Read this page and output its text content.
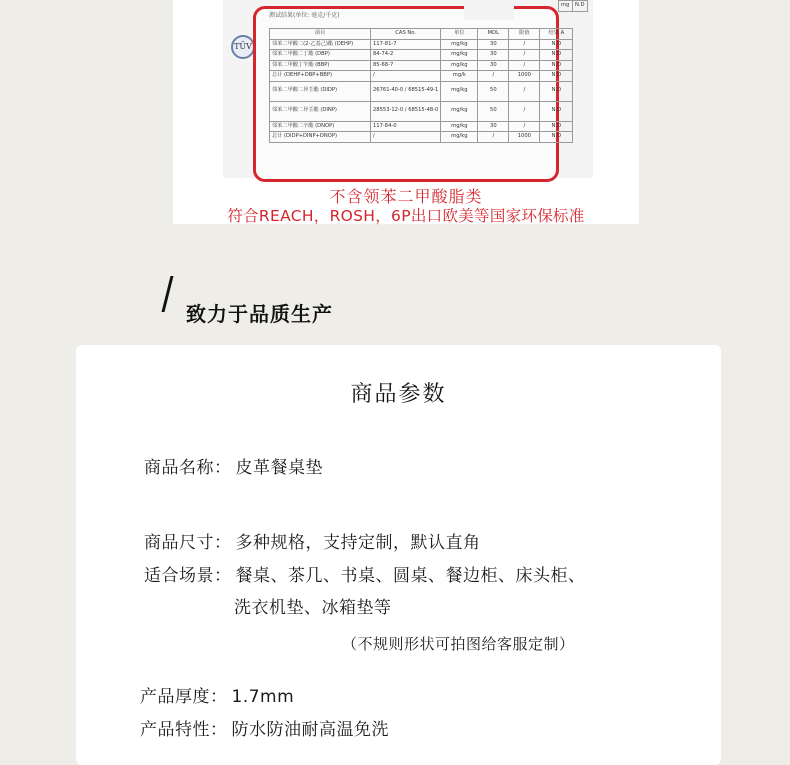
mg	N.D
TÜV
测试结果(单位: 毫克/千克)
项目	CAS No.	单位	MDL	限值	结果 A
邻苯二甲酸二(2-乙基己)酯 (DEHP)	117-81-7	mg/kg	30	/	N.D
邻苯二甲酸二丁酯 (DBP)	84-74-2	mg/kg	30	/	N.D
邻苯二甲酸丁苄酯 (BBP)	85-68-7	mg/kg	30	/	N.D
总计 (DEHP+DBP+BBP)	/	mg/k	/	1000	N.D
邻苯二甲酸二异壬酯 (DIDP)	26761-40-0 / 68515-49-1	mg/kg	50	/	N.D
邻苯二甲酸二异壬酯 (DINP)	28553-12-0 / 68515-48-0	mg/kg	50	/	N.D
邻苯二甲酸二辛酯 (DNOP)	117-84-0	mg/kg	30	/	N.D
总计 (DIDP+DINP+DNOP)	/	mg/kg	/	1000	N.D
不含领苯二甲酸脂类
符合REACH，ROSH，6P出口欧美等国家环保标准
致力于品质生产
商品参数
商品名称： 皮革餐桌垫
商品尺寸： 多种规格，支持定制，默认直角
适合场景： 餐桌、茶几、书桌、圆桌、餐边柜、床头柜、
洗衣机垫、冰箱垫等
（不规则形状可拍图给客服定制）
产品厚度： 1.7mm
产品特性： 防水防油耐高温免洗
